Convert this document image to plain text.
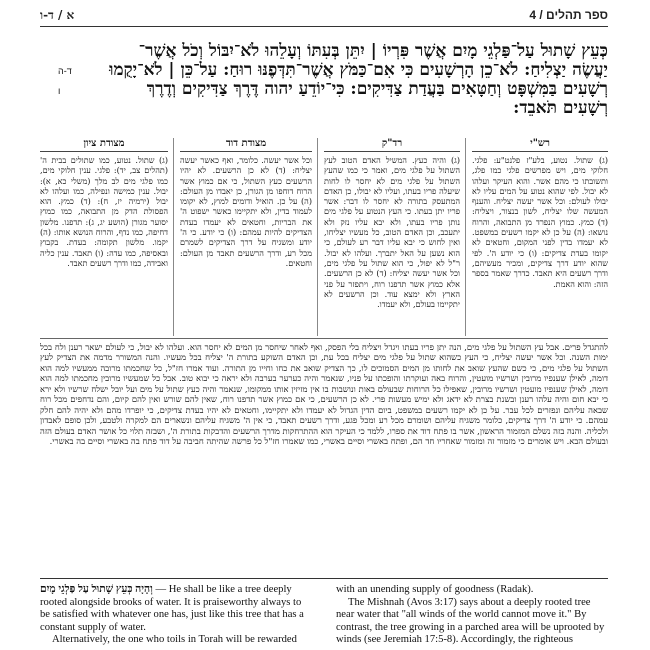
4 / ספר תהלים
א / ד-ו
כְּעֵץ שָׁתוּל עַל־פַּלְגֵי מָיִם אֲשֶׁר פִּרְיוֹ | יִתֵּן בְּעִתּוֹ וְעָלֵהוּ לֹא־יִבּוֹל וְכֹל אֲשֶׁר־
יַעֲשֶׂה יַצְלִיחַ: לֹא־כֵן הָרְשָׁעִים כִּי אִם־כַּמֹּץ אֲשֶׁר־תִּדְּפֶנּוּ רוּחַ: עַל־כֵּן | לֹא־יָקֻמוּ
רְשָׁעִים בַּמִּשְׁפָּט וְחַטָּאִים בַּעֲדַת צַדִּיקִים: כִּי־יוֹדֵעַ יהוה דֶּרֶךְ צַדִּיקִים וְדֶרֶךְ
רְשָׁעִים תֹּאבֵד:
ד-ה
ו
רש"י
(ג) שתול. נטוע, בלע"ז פלנט"ע: פלגי. חלוקי מים, ויש מפרשים פלגי כמו פלג, ותשובתו כי מהם אשר. והוא העיקר ועלהו לא יבול. לפי שהוא נטוע על המים עליו לא יבולו לעולם: וכל אשר יעשה יצליח. והענף המעשה שלו יצליח, לשון בנצור, ויצליח: (ד) כמץ. כמוץ הנפרד מן התבואה, והרוח נושאו: (ה) על כן לא יקמו רשעים במשפט. לא יעמדו בדין לפני המקום, וחטאים לא יקומו בעדת צדיקים: (ו) כי יודע ה'. לפי שהוא יודע דרך צדיקים, ומכיר מעשיהם, ודרך רשעים היא תאבד. כדרך שאמר בספר הזה: והוא האמת.
רד"ק
(ג) והיה כעץ. המשיל האדם הטוב לעץ השתול על פלגי מים, ואמר כי כמו שהעץ השתול על פלגי מים לא יחסר לו לחות שיעלה פריו בעתו, ועליו לא יבולו, כן האדם המתעסק בתורה לא יחסר לו דבר: אשר פריו יתן בעתו. כי העץ הנטוע על פלגי מים נותן פריו בעתו, ולא יבא עליו נזק ולא יתעכב, וכן האדם הטוב, כל מעשיו יצליחו, ואין לחוש כי יבא עליו דבר רע לעולם, כי הוא נשען על האל יתברך. ועלהו לא יבול. ר"ל לא יפול, כי הוא שתול על פלגי מים, וכל אשר יעשה יצליח: (ד) לא כן הרשעים. אלא כמוץ אשר תדפנו רוח, ויתפזר על פני הארץ ולא ימצא עוד. וכן הרשעים לא יתקיימו בעולם, ולא יעמדו.
מצודת דוד
וכל אשר יעשה. כלומר, ואף כאשר יעשה יצליח: (ד) לא כן הרשעים. לא יהיו הרשעים כעץ השתול, כי אם כמוץ אשר הרוח דוחפו מן הגורן, כן יאבדו מן העולם: (ה) על כן. הואיל ודומים למוץ, לא יקומו לעמוד בדין, ולא יתקיימו כאשר ישפוט ה' את הבריות, וחטאים לא יעמדו בעדת הצדיקים להיות עמהם: (ו) כי יודע. כי ה' יודע ומשגיח על דרך הצדיקים לשמרם מכל רע, ודרך הרשעים תאבד מן העולם: וחטאים.
מצודת ציון
(ג) שתול. נטוע, כמו שתולים בבית ה' (תהלים צב, יד): פלגי. ענין חלוקי מים, כמו פלגי מים לב מלך (משלי כא, א): יבול. ענין כמישה ונפילה, כמו ועלהו לא יבול (ירמיה יז, ח): (ד) כמץ. הוא הפסולת הדק מן התבואה, כמו כמוץ יסוער מגורן (הושע יג, ג): תדפנו. מלשון דחיפה, כמו נדף, והרוח הנושא אותו: (ה) יקמו. מלשון תקומה: בעדת. בקבוץ ובאסיפה, כמו עדה: (ו) תאבד. ענין כליה ואבידה, כמו ודרך רשעים תאבד.
להתגדל פרים. אבל עץ השתול על פלגי מים, הנה יתן פריו בעתו ויגדל ויצליח בלי הפסק, ואף לאחר שיחסר מן המים לא יחסר הוא. ועלהו לא יבול, כי לעולם ישאר רענן ולח בכל ימות השנה. וכל אשר יעשה יצליח, כי העץ כשהוא שתול על פלגי מים יצליח בכל עת, וכן האדם השוקע בתורת ה' יצליח בכל מעשיו. והנה המשורר מדמה את הצדיק לעץ השתול על פלגי מים, כי כשם שהעץ שואב את לחותו מן המים הסמוכים לו, כך הצדיק שואב את כחו וחייו מן התורה. ועוד אמרו חז"ל, כל שחכמתו מרובה ממעשיו למה הוא דומה, לאילן שענפיו מרובין ושרשיו מועטין, והרוח באה ועוקרתו והופכתו על פניו, שנאמר והיה כערער בערבה ולא יראה כי יבוא טוב. אבל כל שמעשיו מרובין מחכמתו למה הוא דומה, לאילן שענפיו מועטין ושרשיו מרובין, שאפילו כל הרוחות שבעולם באות ונושבות בו אין מזיזין אותו ממקומו, שנאמר והיה כעץ שתול על מים ועל יובל ישלח שרשיו ולא ירא כי יבא חום והיה עלהו רענן ובשנת בצרת לא ידאג ולא ימיש מעשות פרי. לא כן הרשעים, כי אם כמוץ אשר תדפנו רוח, שאין להם שורש ואין להם קיום, והם נדחפים מכל רוח שבאה עליהם ונפזרים לכל עבר. על כן לא יקמו רשעים במשפט, ביום הדין הגדול לא יעמדו ולא יתקיימו, וחטאים לא יהיו בעדת צדיקים, כי יופרדו מהם ולא יהיה להם חלק עמהם. כי יודע ה' דרך צדיקים, כלומר משגיח עליהם ושומרם מכל רע ומכל פגע, ודרך רשעים תאבד, כי אין ה' משגיח עליהם ונשארים הם למקרה ולטבע, ולכן סופם לאבדון ולכליה. והנה בזה נשלם המזמור הראשון, אשר בו פתח דוד את ספרו, ללמד כי העיקר הוא ההתרחקות מדרך הרשעים והדבקות בתורת ה', ושבזה תלוי כל אושר האדם בעולם הזה ובעולם הבא. ויש אומרים כי מזמור זה ומזמור שאחריו חד הם, ופתח באשרי וסיים באשרי, כמו שאמרו חז"ל כל פרשה שהיתה חביבה על דוד פתח בה באשרי וסיים בה באשרי.
וְהָיָה כְּעֵץ שָׁתוּל עַל פַּלְגֵי מָיִם — He shall be like a tree deeply rooted alongside brooks of water. It is praiseworthy always to be satisfied with whatever one has, just like this tree that has a constant supply of water.
Alternatively, the one who toils in Torah will be rewarded
with an unending supply of goodness (Radak).
The Mishnah (Avos 3:17) says about a deeply rooted tree near water that "all winds of the world cannot move it." By contrast, the tree growing in a parched area will be uprooted by winds (see Jeremiah 17:5-8). Accordingly, the righteous
